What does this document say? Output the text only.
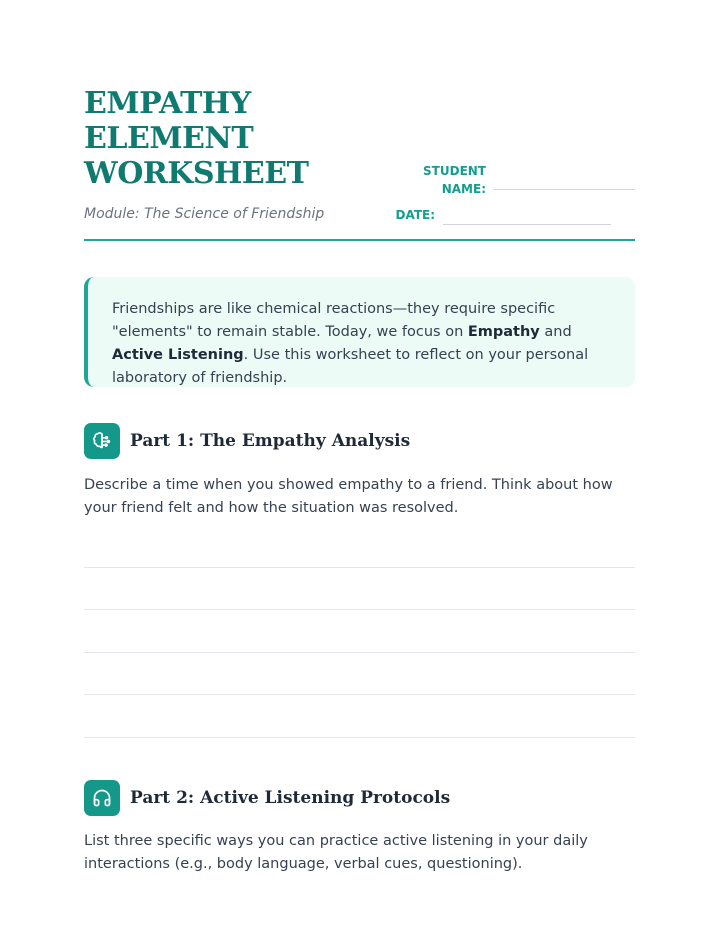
EMPATHY ELEMENT WORKSHEET
Module: The Science of Friendship
STUDENT NAME:
DATE:
Friendships are like chemical reactions—they require specific "elements" to remain stable. Today, we focus on Empathy and Active Listening. Use this worksheet to reflect on your personal laboratory of friendship.
Part 1: The Empathy Analysis

Describe a time when you showed empathy to a friend. Think about how your friend felt and how the situation was resolved.

Part 2: Active Listening Protocols

List three specific ways you can practice active listening in your daily interactions (e.g., body language, verbal cues, questioning).
